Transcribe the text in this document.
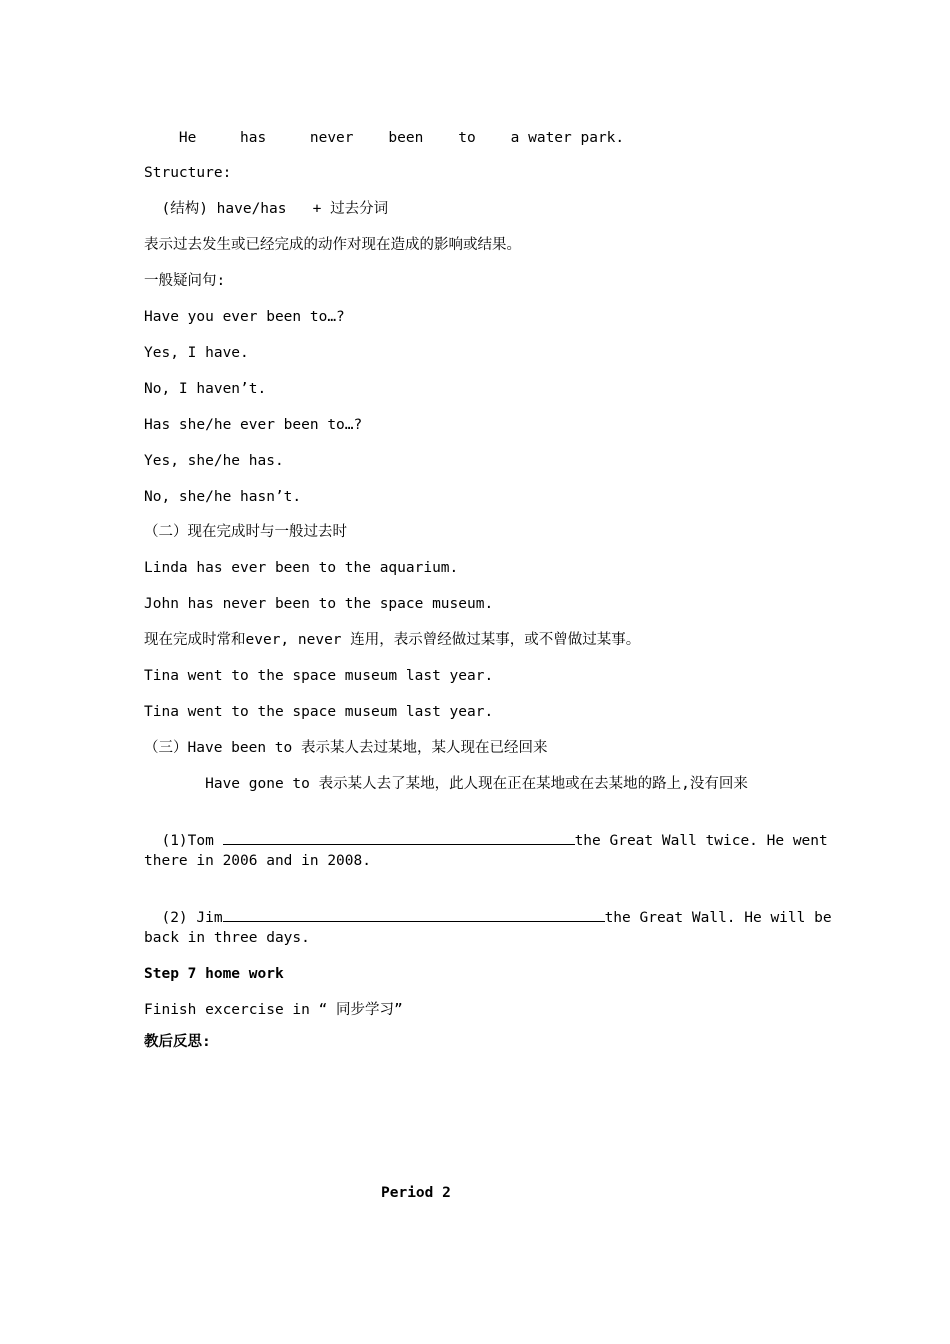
He     has     never    been    to    a water park.
Structure:
(结构) have/has   + 过去分词
表示过去发生或已经完成的动作对现在造成的影响或结果。
一般疑问句:
Have you ever been to…?
Yes, I have.
No, I haven’t.
Has she/he ever been to…?
Yes, she/he has.
No, she/he hasn’t.
（二）现在完成时与一般过去时
Linda has ever been to the aquarium.
John has never been to the space museum.
现在完成时常和ever, never 连用，表示曾经做过某事，或不曾做过某事。
Tina went to the space museum last year.
Tina went to the space museum last year.
（三）Have been to 表示某人去过某地，某人现在已经回来
Have gone to 表示某人去了某地，此人现在正在某地或在去某地的路上,没有回来

(1)Tom	the Great Wall twice. He went

there in 2006 and in 2008.

(2) Jim	the Great Wall. He will be

back in three days.
Step 7 home work
Finish excercise in “ 同步学习”
教后反思:
Period 2
